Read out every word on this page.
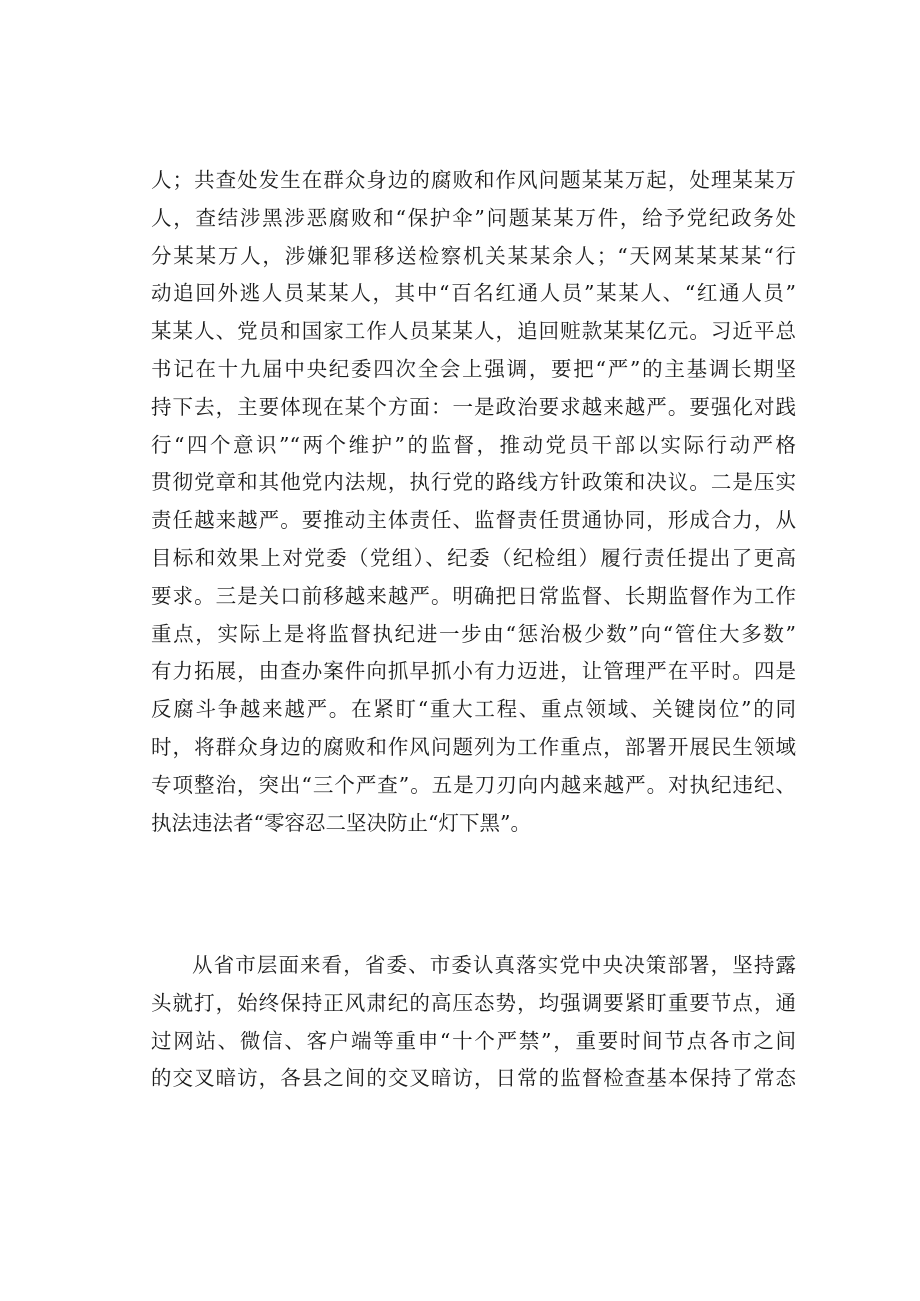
人；共查处发生在群众身边的腐败和作风问题某某万起，处理某某万
人，查结涉黑涉恶腐败和“保护伞”问题某某万件，给予党纪政务处
分某某万人，涉嫌犯罪移送检察机关某某余人；“天网某某某某“行
动追回外逃人员某某人，其中“百名红通人员”某某人、“红通人员”
某某人、党员和国家工作人员某某人，追回赃款某某亿元。习近平总
书记在十九届中央纪委四次全会上强调，要把“严”的主基调长期坚
持下去，主要体现在某个方面：一是政治要求越来越严。要强化对践
行“四个意识”“两个维护”的监督，推动党员干部以实际行动严格
贯彻党章和其他党内法规，执行党的路线方针政策和决议。二是压实
责任越来越严。要推动主体责任、监督责任贯通协同，形成合力，从
目标和效果上对党委（党组）、纪委（纪检组）履行责任提出了更高
要求。三是关口前移越来越严。明确把日常监督、长期监督作为工作
重点，实际上是将监督执纪进一步由“惩治极少数”向“管住大多数”
有力拓展，由查办案件向抓早抓小有力迈进，让管理严在平时。四是
反腐斗争越来越严。在紧盯“重大工程、重点领域、关键岗位”的同
时，将群众身边的腐败和作风问题列为工作重点，部署开展民生领域
专项整治，突出“三个严查”。五是刀刃向内越来越严。对执纪违纪、
执法违法者“零容忍二坚决防止“灯下黑”。
从省市层面来看，省委、市委认真落实党中央决策部署，坚持露
头就打，始终保持正风肃纪的高压态势，均强调要紧盯重要节点，通
过网站、微信、客户端等重申“十个严禁”，重要时间节点各市之间
的交叉暗访，各县之间的交叉暗访，日常的监督检查基本保持了常态
